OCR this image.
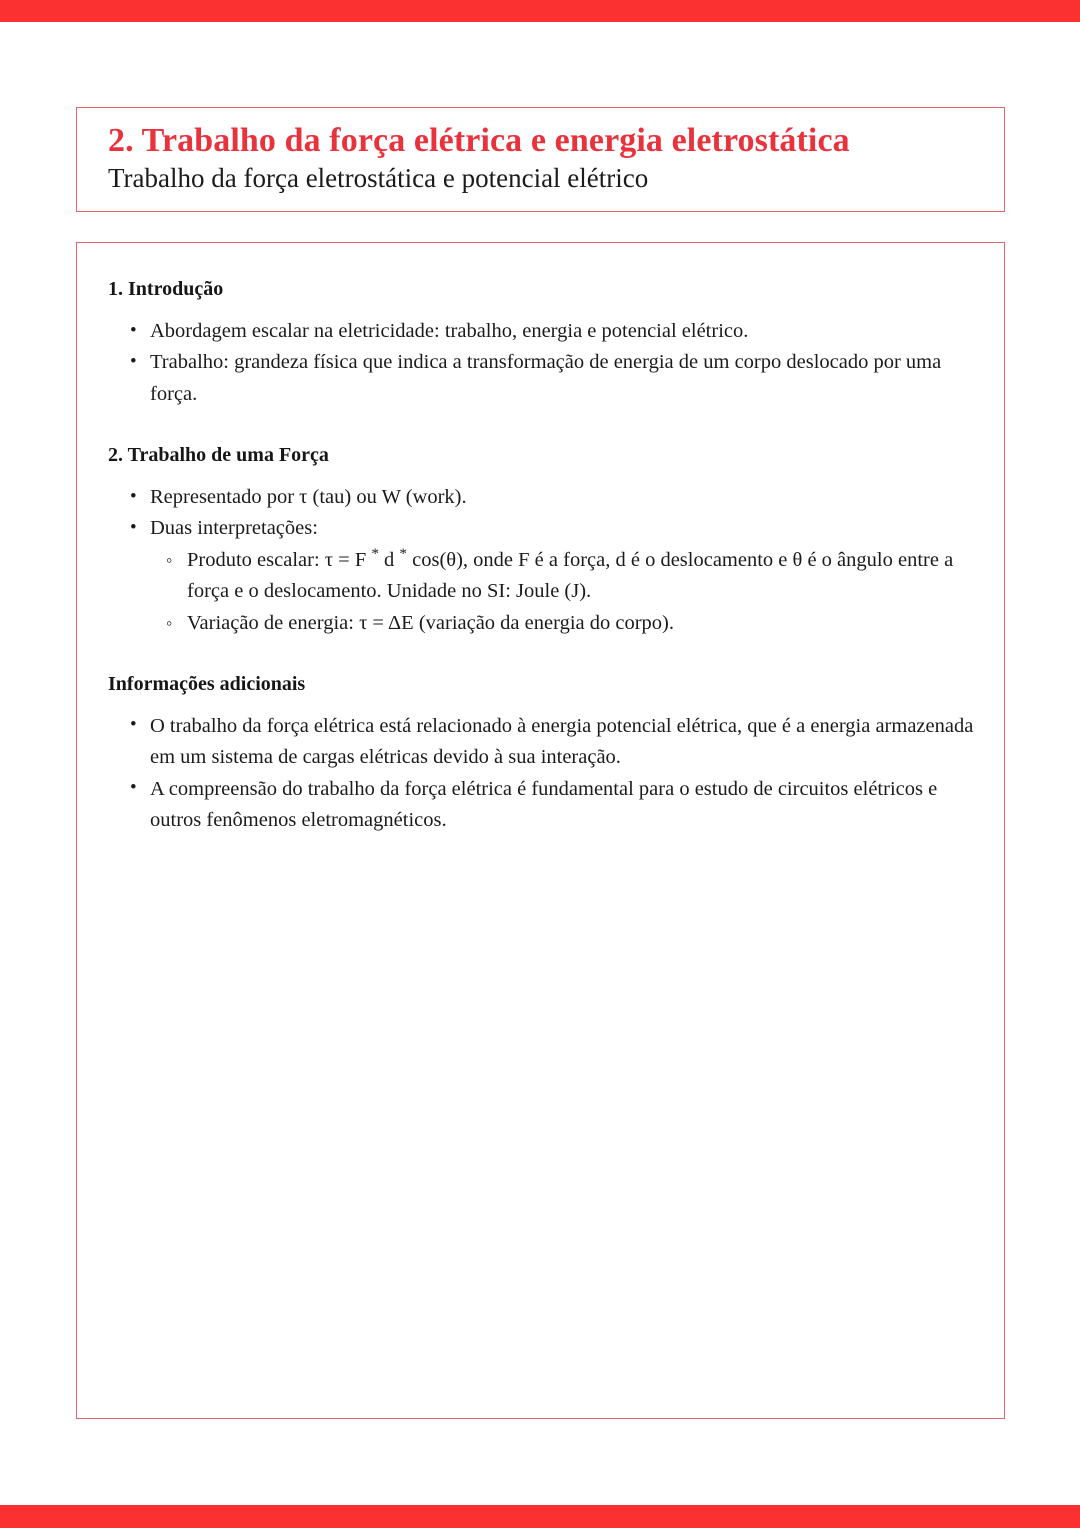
2. Trabalho da força elétrica e energia eletrostática
Trabalho da força eletrostática e potencial elétrico
1. Introdução
• Abordagem escalar na eletricidade: trabalho, energia e potencial elétrico.
• Trabalho: grandeza física que indica a transformação de energia de um corpo deslocado por uma força.
2. Trabalho de uma Força
• Representado por τ (tau) ou W (work).
• Duas interpretações:
◦ Produto escalar: τ = F * d * cos(θ), onde F é a força, d é o deslocamento e θ é o ângulo entre a força e o deslocamento. Unidade no SI: Joule (J).
◦ Variação de energia: τ = ΔE (variação da energia do corpo).
Informações adicionais
• O trabalho da força elétrica está relacionado à energia potencial elétrica, que é a energia armazenada em um sistema de cargas elétricas devido à sua interação.
• A compreensão do trabalho da força elétrica é fundamental para o estudo de circuitos elétricos e outros fenômenos eletromagnéticos.
